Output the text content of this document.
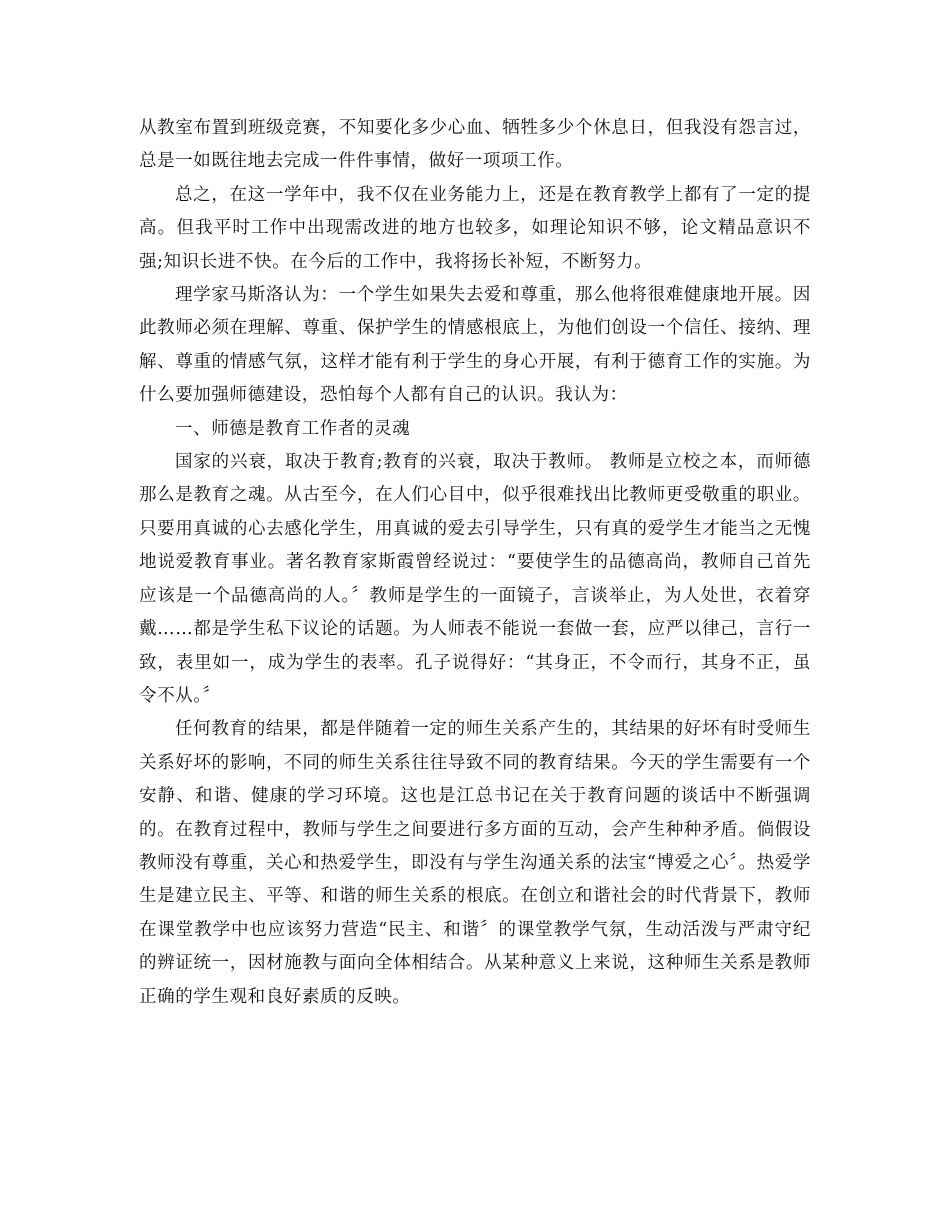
从教室布置到班级竞赛，不知要化多少心血、牺牲多少个休息日，但我没有怨言过，总是一如既往地去完成一件件事情，做好一项项工作。

总之，在这一学年中，我不仅在业务能力上，还是在教育教学上都有了一定的提高。但我平时工作中出现需改进的地方也较多，如理论知识不够，论文精品意识不强;知识长进不快。在今后的工作中，我将扬长补短，不断努力。

理学家马斯洛认为：一个学生如果失去爱和尊重，那么他将很难健康地开展。因此教师必须在理解、尊重、保护学生的情感根底上，为他们创设一个信任、接纳、理解、尊重的情感气氛，这样才能有利于学生的身心开展，有利于德育工作的实施。为什么要加强师德建设，恐怕每个人都有自己的认识。我认为：

一、师德是教育工作者的灵魂

国家的兴衰，取决于教育;教育的兴衰，取决于教师。 教师是立校之本，而师德那么是教育之魂。从古至今，在人们心目中，似乎很难找出比教师更受敬重的职业。只要用真诚的心去感化学生，用真诚的爱去引导学生，只有真的爱学生才能当之无愧地说爱教育事业。著名教育家斯霞曾经说过：“要使学生的品德高尚，教师自己首先应该是一个品德高尚的人。〞教师是学生的一面镜子，言谈举止，为人处世，衣着穿戴……都是学生私下议论的话题。为人师表不能说一套做一套，应严以律己，言行一致，表里如一，成为学生的表率。孔子说得好：“其身正，不令而行，其身不正，虽令不从。〞

任何教育的结果，都是伴随着一定的师生关系产生的，其结果的好坏有时受师生关系好坏的影响，不同的师生关系往往导致不同的教育结果。今天的学生需要有一个安静、和谐、健康的学习环境。这也是江总书记在关于教育问题的谈话中不断强调的。在教育过程中，教师与学生之间要进行多方面的互动，会产生种种矛盾。倘假设教师没有尊重，关心和热爱学生，即没有与学生沟通关系的法宝“博爱之心〞。热爱学生是建立民主、平等、和谐的师生关系的根底。在创立和谐社会的时代背景下，教师在课堂教学中也应该努力营造“民主、和谐〞的课堂教学气氛，生动活泼与严肃守纪的辨证统一，因材施教与面向全体相结合。从某种意义上来说，这种师生关系是教师正确的学生观和良好素质的反映。
